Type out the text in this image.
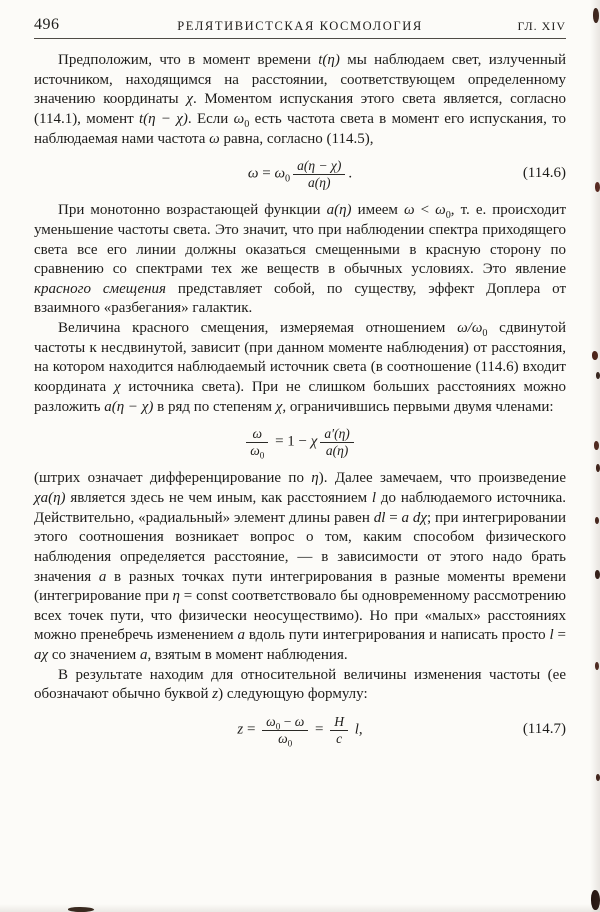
496	РЕЛЯТИВИСТСКАЯ КОСМОЛОГИЯ	ГЛ. XIV

Предположим, что в момент времени t(η) мы наблюдаем свет, излученный источником, находящимся на расстоянии, соответствующем определенному значению координаты χ. Моментом испускания этого света является, согласно (114.1), момент t(η − χ). Если $\omega_0$ есть частота света в момент его испускания, то наблюдаемая нами частота ω равна, согласно (114.5),

$\omega = \omega_0 \frac{a(\eta - \chi)}{a(\eta)}$ .	(114.6)

При монотонно возрастающей функции a(η) имеем $\omega < \omega_0$, т. е. происходит уменьшение частоты света. Это значит, что при наблюдении спектра приходящего света все его линии должны оказаться смещенными в красную сторону по сравнению со спектрами тех же веществ в обычных условиях. Это явление красного смещения представляет собой, по существу, эффект Доплера от взаимного «разбегания» галактик.

Величина красного смещения, измеряемая отношением $\omega/\omega_0$ сдвинутой частоты к несдвинутой, зависит (при данном моменте наблюдения) от расстояния, на котором находится наблюдаемый источник света (в соотношение (114.6) входит координата χ источника света). При не слишком больших расстояниях можно разложить a(η − χ) в ряд по степеням χ, ограничившись первыми двумя членами:

$\frac{\omega}{\omega_0} = 1 - \chi \frac{a'(\eta)}{a(\eta)}$

(штрих означает дифференцирование по η). Далее замечаем, что произведение χa(η) является здесь не чем иным, как расстоянием l до наблюдаемого источника. Действительно, «радиальный» элемент длины равен dl = a dχ; при интегрировании этого соотношения возникает вопрос о том, каким способом физического наблюдения определяется расстояние, — в зависимости от этого надо брать значения a в разных точках пути интегрирования в разные моменты времени (интегрирование при η = const соответствовало бы одновременному рассмотрению всех точек пути, что физически неосуществимо). Но при «малых» расстояниях можно пренебречь изменением a вдоль пути интегрирования и написать просто l = aχ со значением a, взятым в момент наблюдения.

В результате находим для относительной величины изменения частоты (ее обозначают обычно буквой z) следующую формулу:

$z = \frac{\omega_0 - \omega}{\omega_0} = \frac{H}{c} l$,	(114.7)
